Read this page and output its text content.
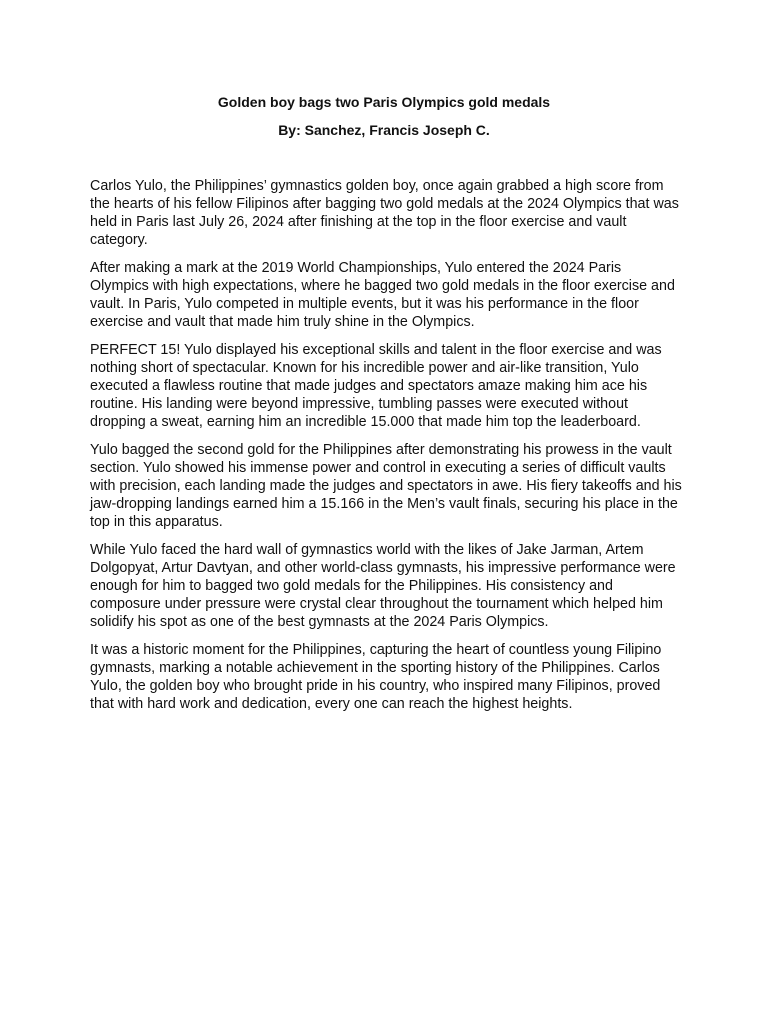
Golden boy bags two Paris Olympics gold medals
By: Sanchez, Francis Joseph C.

Carlos Yulo, the Philippines’ gymnastics golden boy, once again grabbed a high score from the hearts of his fellow Filipinos after bagging two gold medals at the 2024 Olympics that was held in Paris last July 26, 2024 after finishing at the top in the floor exercise and vault category.

After making a mark at the 2019 World Championships, Yulo entered the 2024 Paris Olympics with high expectations, where he bagged two gold medals in the floor exercise and vault. In Paris, Yulo competed in multiple events, but it was his performance in the floor exercise and vault that made him truly shine in the Olympics.

PERFECT 15! Yulo displayed his exceptional skills and talent in the floor exercise and was nothing short of spectacular. Known for his incredible power and air-like transition, Yulo executed a flawless routine that made judges and spectators amaze making him ace his routine. His landing were beyond impressive, tumbling passes were executed without dropping a sweat, earning him an incredible 15.000 that made him top the leaderboard.

Yulo bagged the second gold for the Philippines after demonstrating his prowess in the vault section. Yulo showed his immense power and control in executing a series of difficult vaults with precision, each landing made the judges and spectators in awe. His fiery takeoffs and his jaw-dropping landings earned him a 15.166 in the Men’s vault finals, securing his place in the top in this apparatus.

While Yulo faced the hard wall of gymnastics world with the likes of Jake Jarman, Artem Dolgopyat, Artur Davtyan, and other world-class gymnasts, his impressive performance were enough for him to bagged two gold medals for the Philippines. His consistency and composure under pressure were crystal clear throughout the tournament which helped him solidify his spot as one of the best gymnasts at the 2024 Paris Olympics.

It was a historic moment for the Philippines, capturing the heart of countless young Filipino gymnasts, marking a notable achievement in the sporting history of the Philippines. Carlos Yulo, the golden boy who brought pride in his country, who inspired many Filipinos, proved that with hard work and dedication, every one can reach the highest heights.
